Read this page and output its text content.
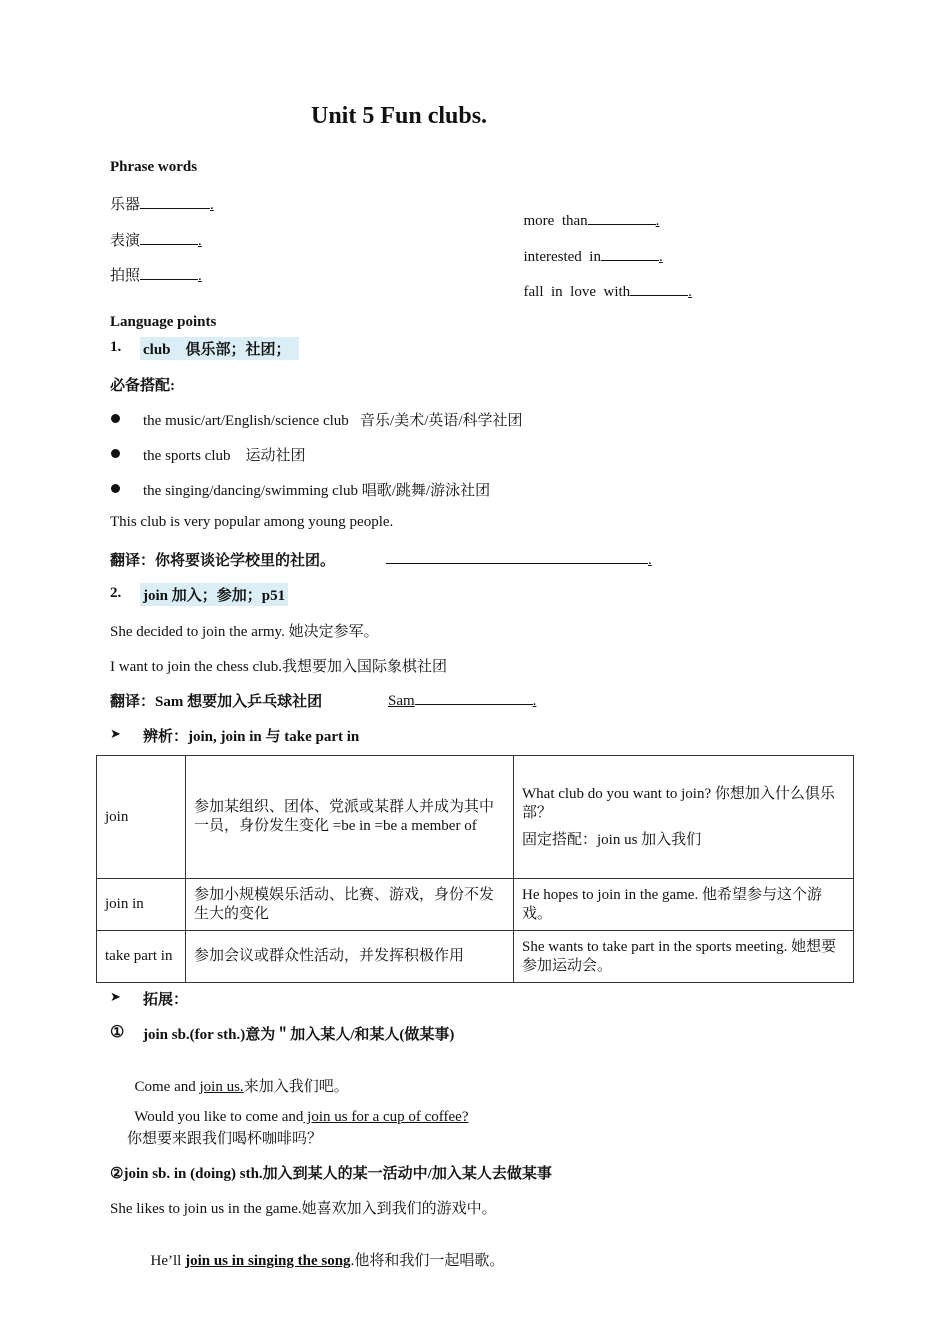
Unit 5 Fun clubs.
Phrase words
乐器	.
表演	.
拍照	.

more  than	.

interested  in	.

fall  in  love  with	.

Language points
1. club    俱乐部；社团；
必备搭配:
the music/art/English/science club   音乐/美术/英语/科学社团
the sports club    运动社团
the singing/dancing/swimming club 唱歌/跳舞/游泳社团
This club is very popular among young people.
翻译：你将要谈论学校里的社团。	.
2. join 加入；参加；p51
She decided to join the army. 她决定参军。
I want to join the chess club.我想要加入国际象棋社团
翻译：Sam 想要加入乒乓球社团	Sam	.
➤ 辨析：join, join in 与 take part in
join	参加某组织、团体、党派或某群人并成为其中一员，身份发生变化 =be in =be a member of	What club do you want to join? 你想加入什么俱乐部？
固定搭配：join us 加入我们

join in	参加小规模娱乐活动、比赛、游戏，身份不发生大的变化	He hopes to join in the game. 他希望参与这个游戏。
take part in	参加会议或群众性活动，并发挥积极作用	She wants to take part in the sports meeting. 她想要参加运动会。
➤ 拓展：
① join sb.(for sth.)意为＂加入某人/和某人(做某事)

Come and join us.来加入我们吧。

Would you like to come and join us for a cup of coffee?

你想要来跟我们喝杯咖啡吗？
②join sb. in (doing) sth.加入到某人的某一活动中/加入某人去做某事
She likes to join us in the game.她喜欢加入到我们的游戏中。

He’ll join us in singing the song.他将和我们一起唱歌。
